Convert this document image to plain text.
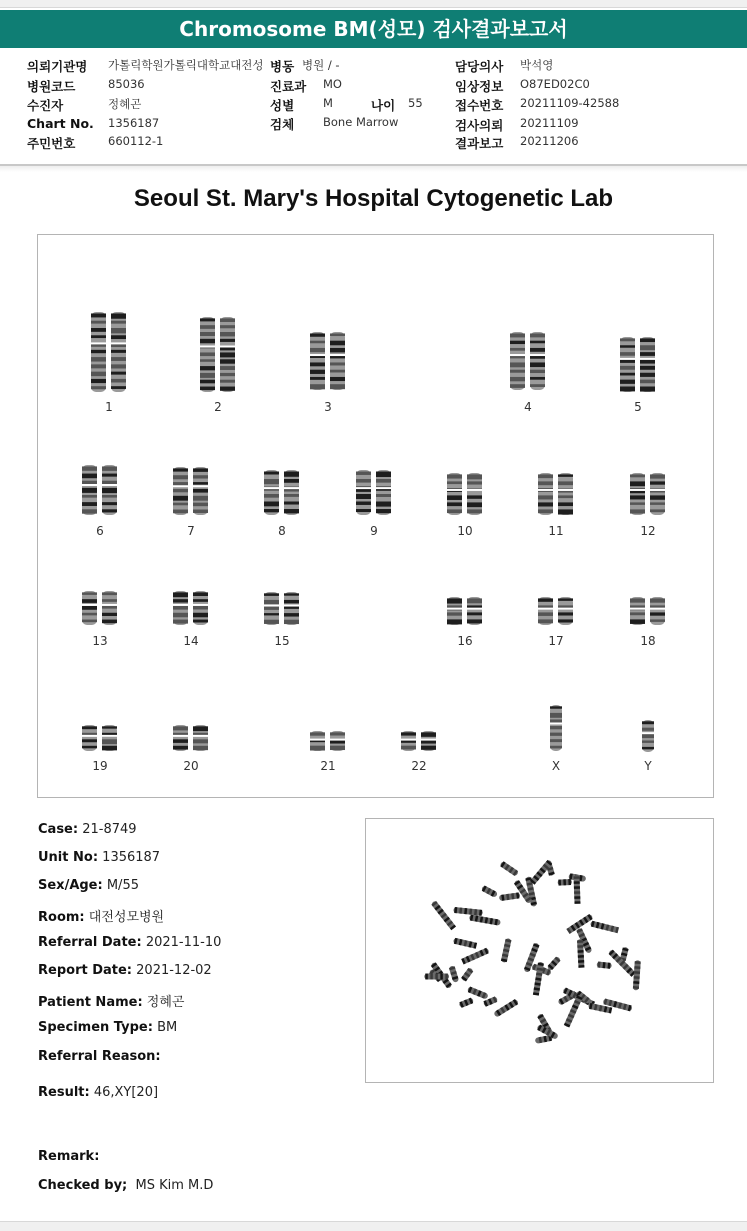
Chromosome BM(성모) 검사결과보고서
의뢰기관명 가톨릭학원가톨릭대학교대전성
병원코드	85036
수진자	정혜곤
Chart No. 1356187
주민번호	660112-1
병동 병원 / -
진료과 MO
성별	M	나이 55
검체	Bone Marrow
담당의사 박석영
임상정보 O87ED02C0
접수번호 20211109-42588
검사의뢰 20211109
결과보고 20211206
Seoul St. Mary's Hospital Cytogenetic Lab
1	2	3	4	5
6	7	8	9	10	11	12
13	14	15	16	17	18
19	20	21	22	X	Y
Case: 21-8749
Unit No: 1356187
Sex/Age: M/55
Room: 대전성모병원
Referral Date: 2021-11-10
Report Date: 2021-12-02
Patient Name: 정혜곤
Specimen Type: BM
Referral Reason:
Result: 46,XY[20]
Remark:
Checked by; MS Kim M.D
